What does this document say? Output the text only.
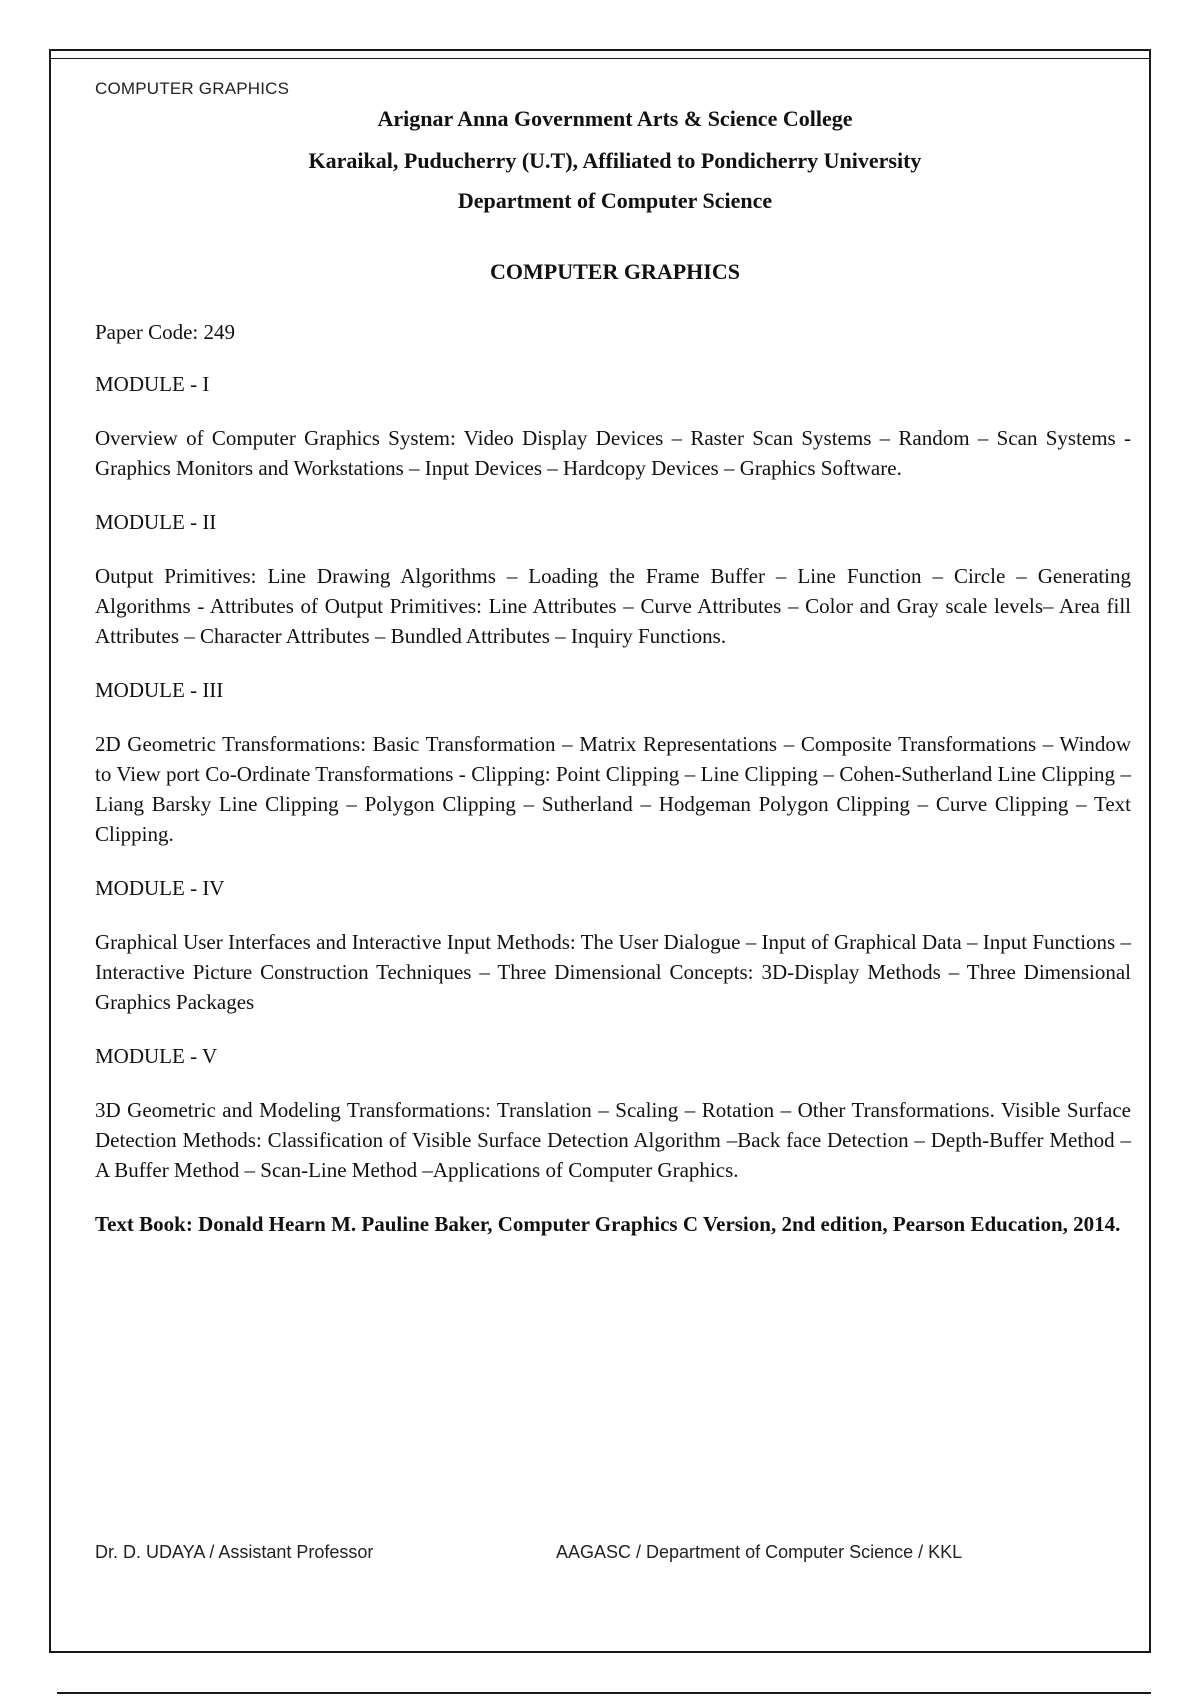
COMPUTER GRAPHICS
Arignar Anna Government Arts & Science College
Karaikal, Puducherry (U.T), Affiliated to Pondicherry University
Department of Computer Science
COMPUTER GRAPHICS

Paper Code: 249

MODULE - I

Overview of Computer Graphics System: Video Display Devices – Raster Scan Systems – Random – Scan Systems - Graphics Monitors and Workstations – Input Devices – Hardcopy Devices – Graphics Software.

MODULE - II

Output Primitives: Line Drawing Algorithms – Loading the Frame Buffer – Line Function – Circle – Generating Algorithms - Attributes of Output Primitives: Line Attributes – Curve Attributes – Color and Gray scale levels– Area fill Attributes – Character Attributes – Bundled Attributes – Inquiry Functions.

MODULE - III

2D Geometric Transformations: Basic Transformation – Matrix Representations – Composite Transformations – Window to View port Co-Ordinate Transformations - Clipping: Point Clipping – Line Clipping – Cohen-Sutherland Line Clipping – Liang Barsky Line Clipping – Polygon Clipping – Sutherland – Hodgeman Polygon Clipping – Curve Clipping – Text Clipping.

MODULE - IV

Graphical User Interfaces and Interactive Input Methods: The User Dialogue – Input of Graphical Data – Input Functions – Interactive Picture Construction Techniques – Three Dimensional Concepts: 3D-Display Methods – Three Dimensional Graphics Packages

MODULE - V

3D Geometric and Modeling Transformations: Translation – Scaling – Rotation – Other Transformations. Visible Surface Detection Methods: Classification of Visible Surface Detection Algorithm –Back face Detection – Depth-Buffer Method – A Buffer Method – Scan-Line Method –Applications of Computer Graphics.

Text Book: Donald Hearn M. Pauline Baker, Computer Graphics C Version, 2nd edition, Pearson Education, 2014.

Dr. D. UDAYA / Assistant Professor	AAGASC / Department of Computer Science / KKL
